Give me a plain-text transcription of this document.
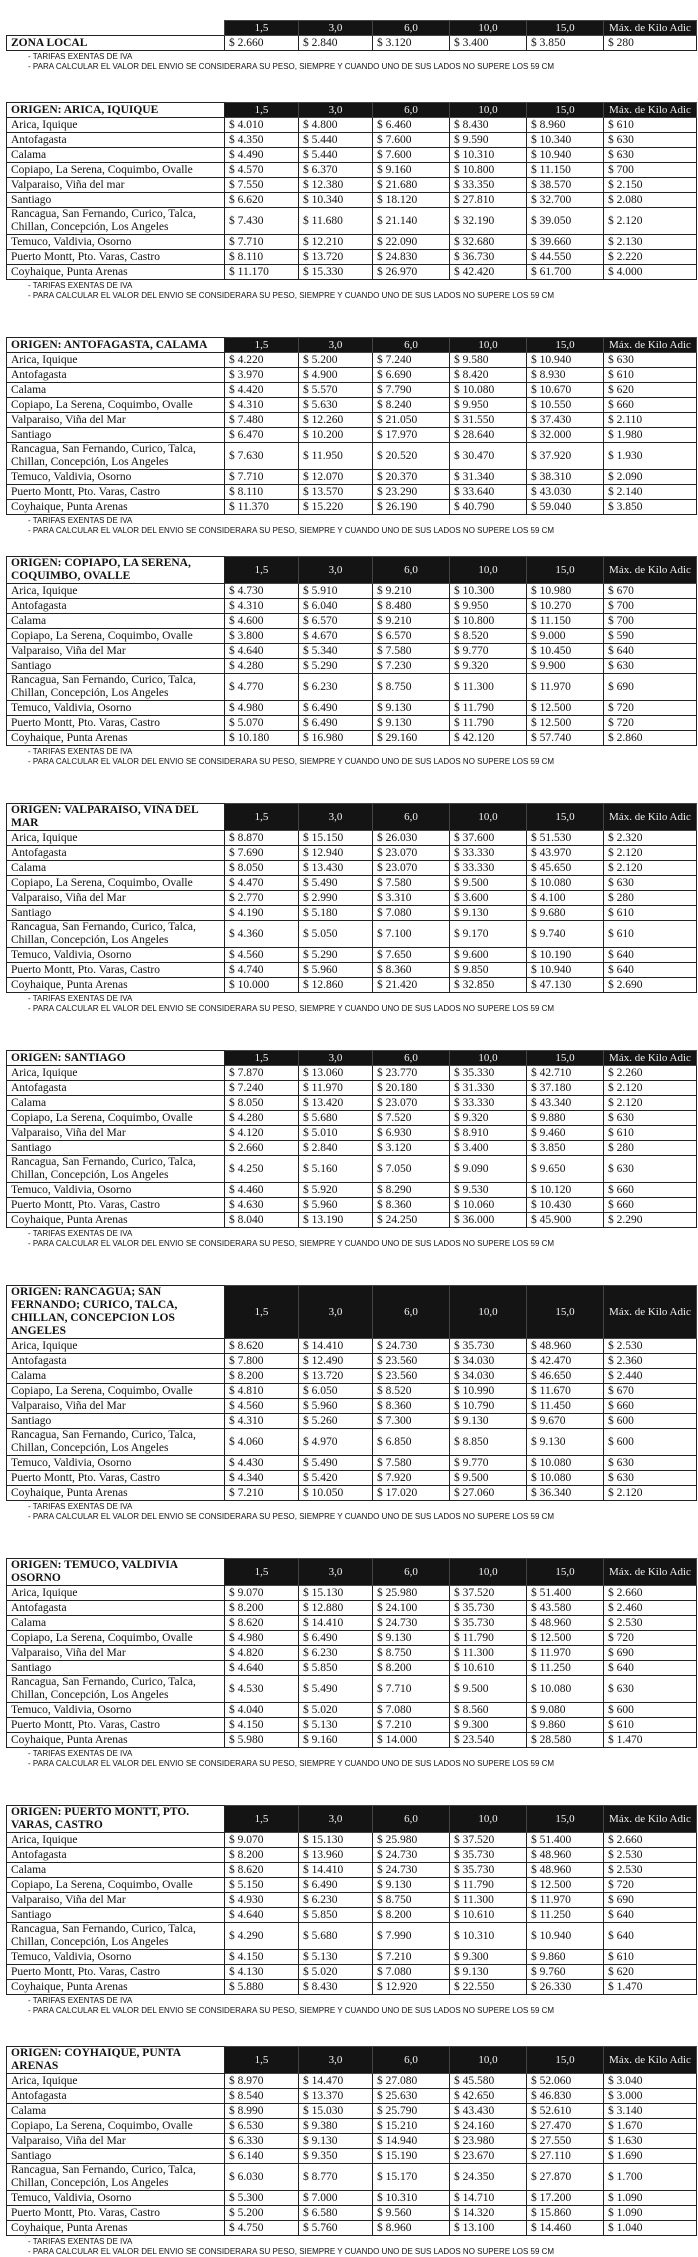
	1,5	3,0	6,0	10,0	15,0	Máx. de Kilo Adic
ZONA LOCAL	$ 2.660	$ 2.840	$ 3.120	$ 3.400	$ 3.850	$ 280
- TARIFAS EXENTAS DE IVA
- PARA CALCULAR EL VALOR DEL ENVIO SE CONSIDERARA SU PESO, SIEMPRE Y CUANDO UNO DE SUS LADOS NO SUPERE LOS 59 CM
ORIGEN: ARICA, IQUIQUE	1,5	3,0	6,0	10,0	15,0	Máx. de Kilo Adic
Arica, Iquique	$ 4.010	$ 4.800	$ 6.460	$ 8.430	$ 8.960	$ 610
Antofagasta	$ 4.350	$ 5.440	$ 7.600	$ 9.590	$ 10.340	$ 630
Calama	$ 4.490	$ 5.440	$ 7.600	$ 10.310	$ 10.940	$ 630
Copiapo, La Serena, Coquimbo, Ovalle	$ 4.570	$ 6.370	$ 9.160	$ 10.800	$ 11.150	$ 700
Valparaiso, Viña del mar	$ 7.550	$ 12.380	$ 21.680	$ 33.350	$ 38.570	$ 2.150
Santiago	$ 6.620	$ 10.340	$ 18.120	$ 27.810	$ 32.700	$ 2.080
Rancagua, San Fernando, Curico, Talca, Chillan, Concepción, Los Angeles	$ 7.430	$ 11.680	$ 21.140	$ 32.190	$ 39.050	$ 2.120
Temuco, Valdivia, Osorno	$ 7.710	$ 12.210	$ 22.090	$ 32.680	$ 39.660	$ 2.130
Puerto Montt, Pto. Varas, Castro	$ 8.110	$ 13.720	$ 24.830	$ 36.730	$ 44.550	$ 2.220
Coyhaique, Punta Arenas	$ 11.170	$ 15.330	$ 26.970	$ 42.420	$ 61.700	$ 4.000
- TARIFAS EXENTAS DE IVA
- PARA CALCULAR EL VALOR DEL ENVIO SE CONSIDERARA SU PESO, SIEMPRE Y CUANDO UNO DE SUS LADOS NO SUPERE LOS 59 CM
ORIGEN: ANTOFAGASTA, CALAMA	1,5	3,0	6,0	10,0	15,0	Máx. de Kilo Adic
Arica, Iquique	$ 4.220	$ 5.200	$ 7.240	$ 9.580	$ 10.940	$ 630
Antofagasta	$ 3.970	$ 4.900	$ 6.690	$ 8.420	$ 8.930	$ 610
Calama	$ 4.420	$ 5.570	$ 7.790	$ 10.080	$ 10.670	$ 620
Copiapo, La Serena, Coquimbo, Ovalle	$ 4.310	$ 5.630	$ 8.240	$ 9.950	$ 10.550	$ 660
Valparaiso, Viña del Mar	$ 7.480	$ 12.260	$ 21.050	$ 31.550	$ 37.430	$ 2.110
Santiago	$ 6.470	$ 10.200	$ 17.970	$ 28.640	$ 32.000	$ 1.980
Rancagua, San Fernando, Curico, Talca, Chillan, Concepción, Los Angeles	$ 7.630	$ 11.950	$ 20.520	$ 30.470	$ 37.920	$ 1.930
Temuco, Valdivia, Osorno	$ 7.710	$ 12.070	$ 20.370	$ 31.340	$ 38.310	$ 2.090
Puerto Montt, Pto. Varas, Castro	$ 8.110	$ 13.570	$ 23.290	$ 33.640	$ 43.030	$ 2.140
Coyhaique, Punta Arenas	$ 11.370	$ 15.220	$ 26.190	$ 40.790	$ 59.040	$ 3.850
- TARIFAS EXENTAS DE IVA
- PARA CALCULAR EL VALOR DEL ENVIO SE CONSIDERARA SU PESO, SIEMPRE Y CUANDO UNO DE SUS LADOS NO SUPERE LOS 59 CM
ORIGEN: COPIAPO, LA SERENA, COQUIMBO, OVALLE	1,5	3,0	6,0	10,0	15,0	Máx. de Kilo Adic
Arica, Iquique	$ 4.730	$ 5.910	$ 9.210	$ 10.300	$ 10.980	$ 670
Antofagasta	$ 4.310	$ 6.040	$ 8.480	$ 9.950	$ 10.270	$ 700
Calama	$ 4.600	$ 6.570	$ 9.210	$ 10.800	$ 11.150	$ 700
Copiapo, La Serena, Coquimbo, Ovalle	$ 3.800	$ 4.670	$ 6.570	$ 8.520	$ 9.000	$ 590
Valparaiso, Viña del Mar	$ 4.640	$ 5.340	$ 7.580	$ 9.770	$ 10.450	$ 640
Santiago	$ 4.280	$ 5.290	$ 7.230	$ 9.320	$ 9.900	$ 630
Rancagua, San Fernando, Curico, Talca, Chillan, Concepción, Los Angeles	$ 4.770	$ 6.230	$ 8.750	$ 11.300	$ 11.970	$ 690
Temuco, Valdivia, Osorno	$ 4.980	$ 6.490	$ 9.130	$ 11.790	$ 12.500	$ 720
Puerto Montt, Pto. Varas, Castro	$ 5.070	$ 6.490	$ 9.130	$ 11.790	$ 12.500	$ 720
Coyhaique, Punta Arenas	$ 10.180	$ 16.980	$ 29.160	$ 42.120	$ 57.740	$ 2.860
- TARIFAS EXENTAS DE IVA
- PARA CALCULAR EL VALOR DEL ENVIO SE CONSIDERARA SU PESO, SIEMPRE Y CUANDO UNO DE SUS LADOS NO SUPERE LOS 59 CM
ORIGEN: VALPARAISO, VIÑA DEL MAR	1,5	3,0	6,0	10,0	15,0	Máx. de Kilo Adic
Arica, Iquique	$ 8.870	$ 15.150	$ 26.030	$ 37.600	$ 51.530	$ 2.320
Antofagasta	$ 7.690	$ 12.940	$ 23.070	$ 33.330	$ 43.970	$ 2.120
Calama	$ 8.050	$ 13.430	$ 23.070	$ 33.330	$ 45.650	$ 2.120
Copiapo, La Serena, Coquimbo, Ovalle	$ 4.470	$ 5.490	$ 7.580	$ 9.500	$ 10.080	$ 630
Valparaiso, Viña del Mar	$ 2.770	$ 2.990	$ 3.310	$ 3.600	$ 4.100	$ 280
Santiago	$ 4.190	$ 5.180	$ 7.080	$ 9.130	$ 9.680	$ 610
Rancagua, San Fernando, Curico, Talca, Chillan, Concepción, Los Angeles	$ 4.360	$ 5.050	$ 7.100	$ 9.170	$ 9.740	$ 610
Temuco, Valdivia, Osorno	$ 4.560	$ 5.290	$ 7.650	$ 9.600	$ 10.190	$ 640
Puerto Montt, Pto. Varas, Castro	$ 4.740	$ 5.960	$ 8.360	$ 9.850	$ 10.940	$ 640
Coyhaique, Punta Arenas	$ 10.000	$ 12.860	$ 21.420	$ 32.850	$ 47.130	$ 2.690
- TARIFAS EXENTAS DE IVA
- PARA CALCULAR EL VALOR DEL ENVIO SE CONSIDERARA SU PESO, SIEMPRE Y CUANDO UNO DE SUS LADOS NO SUPERE LOS 59 CM
ORIGEN: SANTIAGO	1,5	3,0	6,0	10,0	15,0	Máx. de Kilo Adic
Arica, Iquique	$ 7.870	$ 13.060	$ 23.770	$ 35.330	$ 42.710	$ 2.260
Antofagasta	$ 7.240	$ 11.970	$ 20.180	$ 31.330	$ 37.180	$ 2.120
Calama	$ 8.050	$ 13.420	$ 23.070	$ 33.330	$ 43.340	$ 2.120
Copiapo, La Serena, Coquimbo, Ovalle	$ 4.280	$ 5.680	$ 7.520	$ 9.320	$ 9.880	$ 630
Valparaiso, Viña del Mar	$ 4.120	$ 5.010	$ 6.930	$ 8.910	$ 9.460	$ 610
Santiago	$ 2.660	$ 2.840	$ 3.120	$ 3.400	$ 3.850	$ 280
Rancagua, San Fernando, Curico, Talca, Chillan, Concepción, Los Angeles	$ 4.250	$ 5.160	$ 7.050	$ 9.090	$ 9.650	$ 630
Temuco, Valdivia, Osorno	$ 4.460	$ 5.920	$ 8.290	$ 9.530	$ 10.120	$ 660
Puerto Montt, Pto. Varas, Castro	$ 4.630	$ 5.960	$ 8.360	$ 10.060	$ 10.430	$ 660
Coyhaique, Punta Arenas	$ 8.040	$ 13.190	$ 24.250	$ 36.000	$ 45.900	$ 2.290
- TARIFAS EXENTAS DE IVA
- PARA CALCULAR EL VALOR DEL ENVIO SE CONSIDERARA SU PESO, SIEMPRE Y CUANDO UNO DE SUS LADOS NO SUPERE LOS 59 CM
ORIGEN: RANCAGUA; SAN FERNANDO; CURICO, TALCA, CHILLAN, CONCEPCION LOS ANGELES	1,5	3,0	6,0	10,0	15,0	Máx. de Kilo Adic
Arica, Iquique	$ 8.620	$ 14.410	$ 24.730	$ 35.730	$ 48.960	$ 2.530
Antofagasta	$ 7.800	$ 12.490	$ 23.560	$ 34.030	$ 42.470	$ 2.360
Calama	$ 8.200	$ 13.720	$ 23.560	$ 34.030	$ 46.650	$ 2.440
Copiapo, La Serena, Coquimbo, Ovalle	$ 4.810	$ 6.050	$ 8.520	$ 10.990	$ 11.670	$ 670
Valparaiso, Viña del Mar	$ 4.560	$ 5.960	$ 8.360	$ 10.790	$ 11.450	$ 660
Santiago	$ 4.310	$ 5.260	$ 7.300	$ 9.130	$ 9.670	$ 600
Rancagua, San Fernando, Curico, Talca, Chillan, Concepción, Los Angeles	$ 4.060	$ 4.970	$ 6.850	$ 8.850	$ 9.130	$ 600
Temuco, Valdivia, Osorno	$ 4.430	$ 5.490	$ 7.580	$ 9.770	$ 10.080	$ 630
Puerto Montt, Pto. Varas, Castro	$ 4.340	$ 5.420	$ 7.920	$ 9.500	$ 10.080	$ 630
Coyhaique, Punta Arenas	$ 7.210	$ 10.050	$ 17.020	$ 27.060	$ 36.340	$ 2.120
- TARIFAS EXENTAS DE IVA
- PARA CALCULAR EL VALOR DEL ENVIO SE CONSIDERARA SU PESO, SIEMPRE Y CUANDO UNO DE SUS LADOS NO SUPERE LOS 59 CM
ORIGEN: TEMUCO, VALDIVIA OSORNO	1,5	3,0	6,0	10,0	15,0	Máx. de Kilo Adic
Arica, Iquique	$ 9.070	$ 15.130	$ 25.980	$ 37.520	$ 51.400	$ 2.660
Antofagasta	$ 8.200	$ 12.880	$ 24.100	$ 35.730	$ 43.580	$ 2.460
Calama	$ 8.620	$ 14.410	$ 24.730	$ 35.730	$ 48.960	$ 2.530
Copiapo, La Serena, Coquimbo, Ovalle	$ 4.980	$ 6.490	$ 9.130	$ 11.790	$ 12.500	$ 720
Valparaiso, Viña del Mar	$ 4.820	$ 6.230	$ 8.750	$ 11.300	$ 11.970	$ 690
Santiago	$ 4.640	$ 5.850	$ 8.200	$ 10.610	$ 11.250	$ 640
Rancagua, San Fernando, Curico, Talca, Chillan, Concepción, Los Angeles	$ 4.530	$ 5.490	$ 7.710	$ 9.500	$ 10.080	$ 630
Temuco, Valdivia, Osorno	$ 4.040	$ 5.020	$ 7.080	$ 8.560	$ 9.080	$ 600
Puerto Montt, Pto. Varas, Castro	$ 4.150	$ 5.130	$ 7.210	$ 9.300	$ 9.860	$ 610
Coyhaique, Punta Arenas	$ 5.980	$ 9.160	$ 14.000	$ 23.540	$ 28.580	$ 1.470
- TARIFAS EXENTAS DE IVA
- PARA CALCULAR EL VALOR DEL ENVIO SE CONSIDERARA SU PESO, SIEMPRE Y CUANDO UNO DE SUS LADOS NO SUPERE LOS 59 CM
ORIGEN: PUERTO MONTT, PTO. VARAS, CASTRO	1,5	3,0	6,0	10,0	15,0	Máx. de Kilo Adic
Arica, Iquique	$ 9.070	$ 15.130	$ 25.980	$ 37.520	$ 51.400	$ 2.660
Antofagasta	$ 8.200	$ 13.960	$ 24.730	$ 35.730	$ 48.960	$ 2.530
Calama	$ 8.620	$ 14.410	$ 24.730	$ 35.730	$ 48.960	$ 2.530
Copiapo, La Serena, Coquimbo, Ovalle	$ 5.150	$ 6.490	$ 9.130	$ 11.790	$ 12.500	$ 720
Valparaiso, Viña del Mar	$ 4.930	$ 6.230	$ 8.750	$ 11.300	$ 11.970	$ 690
Santiago	$ 4.640	$ 5.850	$ 8.200	$ 10.610	$ 11.250	$ 640
Rancagua, San Fernando, Curico, Talca, Chillan, Concepción, Los Angeles	$ 4.290	$ 5.680	$ 7.990	$ 10.310	$ 10.940	$ 640
Temuco, Valdivia, Osorno	$ 4.150	$ 5.130	$ 7.210	$ 9.300	$ 9.860	$ 610
Puerto Montt, Pto. Varas, Castro	$ 4.130	$ 5.020	$ 7.080	$ 9.130	$ 9.760	$ 620
Coyhaique, Punta Arenas	$ 5.880	$ 8.430	$ 12.920	$ 22.550	$ 26.330	$ 1.470
- TARIFAS EXENTAS DE IVA
- PARA CALCULAR EL VALOR DEL ENVIO SE CONSIDERARA SU PESO, SIEMPRE Y CUANDO UNO DE SUS LADOS NO SUPERE LOS 59 CM
ORIGEN: COYHAIQUE, PUNTA ARENAS	1,5	3,0	6,0	10,0	15,0	Máx. de Kilo Adic
Arica, Iquique	$ 8.970	$ 14.470	$ 27.080	$ 45.580	$ 52.060	$ 3.040
Antofagasta	$ 8.540	$ 13.370	$ 25.630	$ 42.650	$ 46.830	$ 3.000
Calama	$ 8.990	$ 15.030	$ 25.790	$ 43.430	$ 52.610	$ 3.140
Copiapo, La Serena, Coquimbo, Ovalle	$ 6.530	$ 9.380	$ 15.210	$ 24.160	$ 27.470	$ 1.670
Valparaiso, Viña del Mar	$ 6.330	$ 9.130	$ 14.940	$ 23.980	$ 27.550	$ 1.630
Santiago	$ 6.140	$ 9.350	$ 15.190	$ 23.670	$ 27.110	$ 1.690
Rancagua, San Fernando, Curico, Talca, Chillan, Concepción, Los Angeles	$ 6.030	$ 8.770	$ 15.170	$ 24.350	$ 27.870	$ 1.700
Temuco, Valdivia, Osorno	$ 5.300	$ 7.000	$ 10.310	$ 14.710	$ 17.200	$ 1.090
Puerto Montt, Pto. Varas, Castro	$ 5.200	$ 6.580	$ 9.560	$ 14.320	$ 15.860	$ 1.090
Coyhaique, Punta Arenas	$ 4.750	$ 5.760	$ 8.960	$ 13.100	$ 14.460	$ 1.040
- TARIFAS EXENTAS DE IVA
- PARA CALCULAR EL VALOR DEL ENVIO SE CONSIDERARA SU PESO, SIEMPRE Y CUANDO UNO DE SUS LADOS NO SUPERE LOS 59 CM
